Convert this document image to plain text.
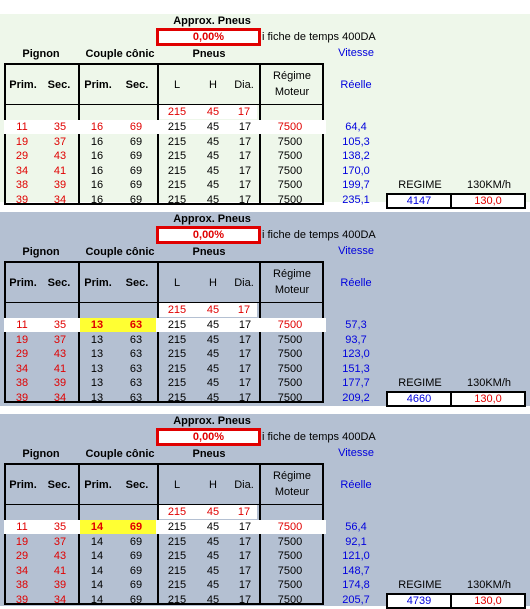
Approx. Pneus
0,00%	i fiche de temps 400DA
Vitesse
Pignon	Couple cônic	Pneus
Prim. Sec.	Prim.	Sec.	L	H	Dia.
Régime
Moteur
Réelle
215	45	17
11	35	16	69	215	45	17	7500	64,4
19	37	16	69	215	45	17	7500	105,3
29	43	16	69	215	45	17	7500	138,2
34	41	16	69	215	45	17	7500	170,0
38	39	16	69	215	45	17	7500	199,7
39	34	16	69	215	45	17	7500	235,1
REGIME	130KM/h
4147	130,0
Approx. Pneus
0,00%	i fiche de temps 400DA
Vitesse
Pignon	Couple cônic	Pneus
Prim. Sec.	Prim.	Sec.	L	H	Dia.
Régime
Moteur
Réelle
215	45	17
11	35	13	63	215	45	17	7500	57,3
19	37	13	63	215	45	17	7500	93,7
29	43	13	63	215	45	17	7500	123,0
34	41	13	63	215	45	17	7500	151,3
38	39	13	63	215	45	17	7500	177,7
39	34	13	63	215	45	17	7500	209,2
REGIME	130KM/h
4660	130,0
Approx. Pneus
0,00%	i fiche de temps 400DA
Vitesse
Pignon	Couple cônic	Pneus
Prim. Sec.	Prim.	Sec.	L	H	Dia.
Régime
Moteur
Réelle
215	45	17
11	35	14	69	215	45	17	7500	56,4
19	37	14	69	215	45	17	7500	92,1
29	43	14	69	215	45	17	7500	121,0
34	41	14	69	215	45	17	7500	148,7
38	39	14	69	215	45	17	7500	174,8
39	34	14	69	215	45	17	7500	205,7
REGIME	130KM/h
4739	130,0
